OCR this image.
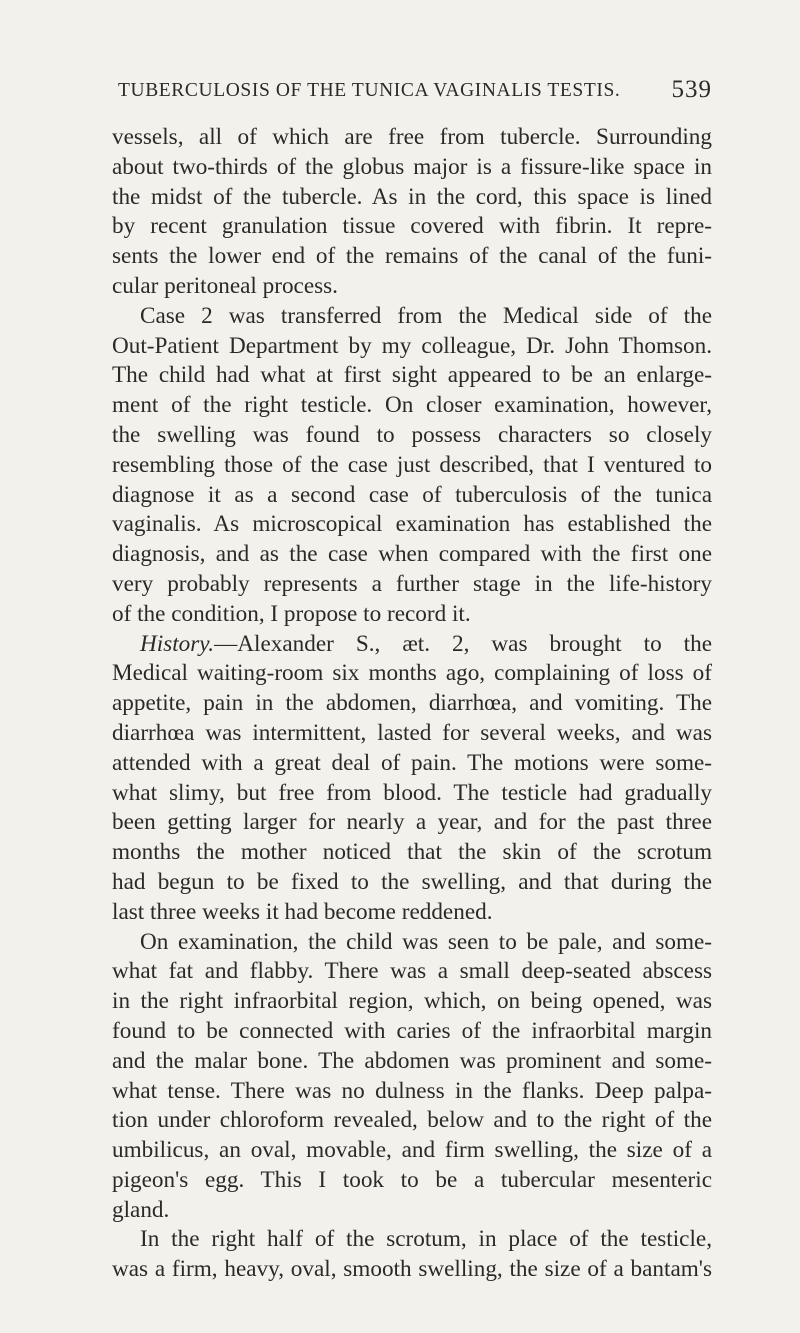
TUBERCULOSIS OF THE TUNICA VAGINALIS TESTIS. 539
vessels, all of which are free from tubercle. Surrounding
about two-thirds of the globus major is a fissure-like space in
the midst of the tubercle. As in the cord, this space is lined
by recent granulation tissue covered with fibrin. It repre-
sents the lower end of the remains of the canal of the funi-
cular peritoneal process.
Case 2 was transferred from the Medical side of the
Out-Patient Department by my colleague, Dr. John Thomson.
The child had what at first sight appeared to be an enlarge-
ment of the right testicle. On closer examination, however,
the swelling was found to possess characters so closely
resembling those of the case just described, that I ventured to
diagnose it as a second case of tuberculosis of the tunica
vaginalis. As microscopical examination has established the
diagnosis, and as the case when compared with the first one
very probably represents a further stage in the life-history
of the condition, I propose to record it.
History.—Alexander S., æt. 2, was brought to the
Medical waiting-room six months ago, complaining of loss of
appetite, pain in the abdomen, diarrhœa, and vomiting. The
diarrhœa was intermittent, lasted for several weeks, and was
attended with a great deal of pain. The motions were some-
what slimy, but free from blood. The testicle had gradually
been getting larger for nearly a year, and for the past three
months the mother noticed that the skin of the scrotum
had begun to be fixed to the swelling, and that during the
last three weeks it had become reddened.
On examination, the child was seen to be pale, and some-
what fat and flabby. There was a small deep-seated abscess
in the right infraorbital region, which, on being opened, was
found to be connected with caries of the infraorbital margin
and the malar bone. The abdomen was prominent and some-
what tense. There was no dulness in the flanks. Deep palpa-
tion under chloroform revealed, below and to the right of the
umbilicus, an oval, movable, and firm swelling, the size of a
pigeon's egg. This I took to be a tubercular mesenteric
gland.
In the right half of the scrotum, in place of the testicle,
was a firm, heavy, oval, smooth swelling, the size of a bantam's
